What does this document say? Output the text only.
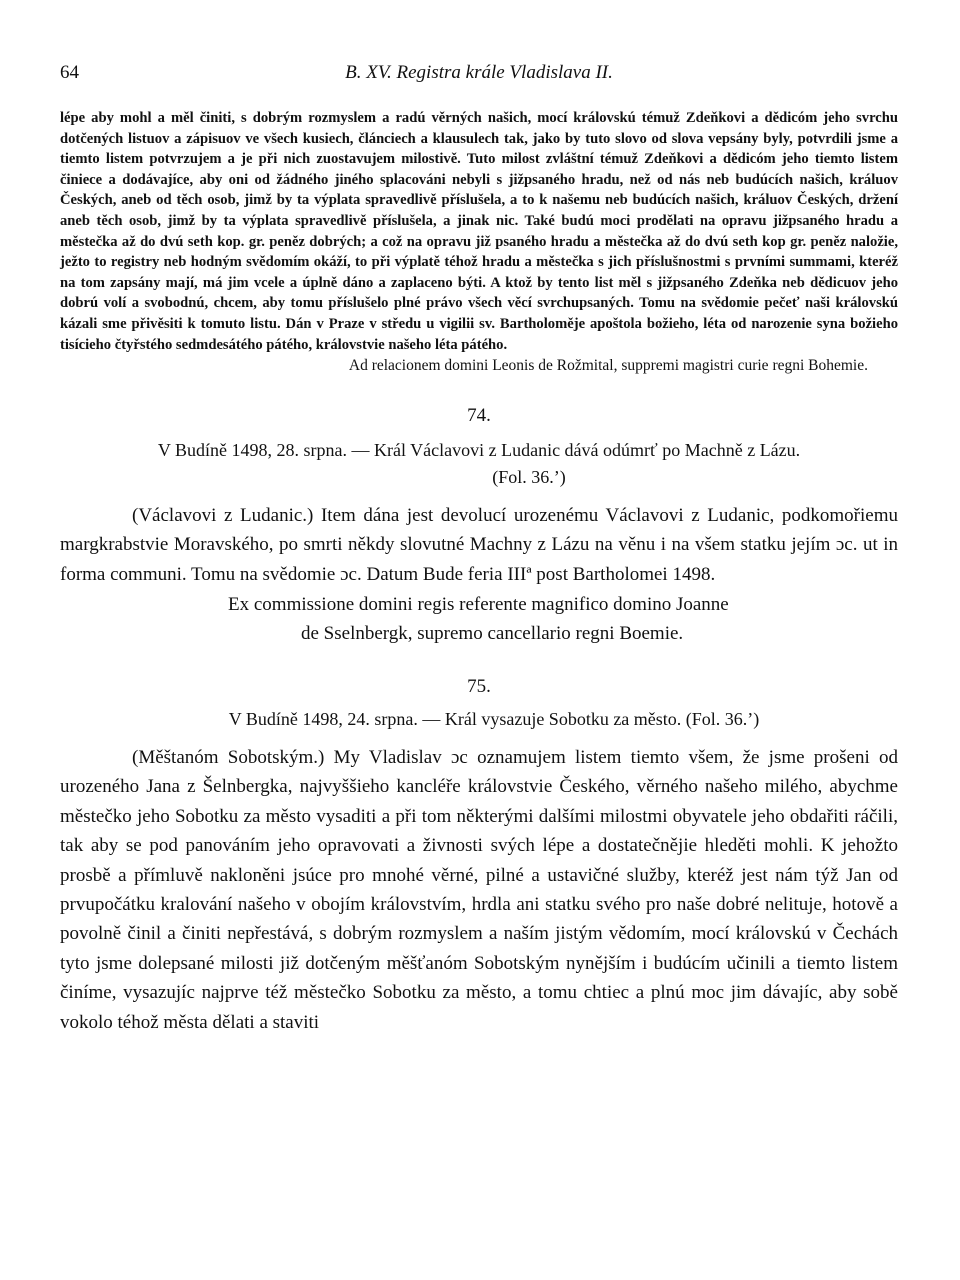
64	B. XV. Registra krále Vladislava II.

lépe aby mohl a měl činiti, s dobrým rozmyslem a radú věrných našich, mocí královskú témuž Zdeňkovi a dědicóm jeho svrchu dotčených listuov a zápisuov ve všech kusiech, článciech a klausulech tak, jako by tuto slovo od slova vepsány byly, potvrdili jsme a tiemto listem potvrzujem a je při nich zuostavujem milostivě. Tuto milost zvláštní témuž Zdeňkovi a dědicóm jeho tiemto listem činiece a dodávajíce, aby oni od žádného jiného splacováni nebyli s jižpsaného hradu, než od nás neb budúcích našich, králuov Českých, aneb od těch osob, jimž by ta výplata spravedlivě příslušela, a to k našemu neb budúcích našich, králuov Českých, držení aneb těch osob, jimž by ta výplata spravedlivě příslušela, a jinak nic. Také budú moci prodělati na opravu jižpsaného hradu a městečka až do dvú seth kop. gr. peněz dobrých; a což na opravu již psaného hradu a městečka až do dvú seth kop gr. peněz naložie, ježto to registry neb hodným svědomím okáží, to při výplatě téhož hradu a městečka s jich příslušnostmi s prvními summami, kteréž na tom zapsány mají, má jim vcele a úplně dáno a zaplaceno býti. A ktož by tento list měl s jižpsaného Zdeňka neb dědicuov jeho dobrú volí a svobodnú, chcem, aby tomu příslušelo plné právo všech věcí svrchupsaných. Tomu na svědomie pečeť naši královskú kázali sme přivěsiti k tomuto listu. Dán v Praze v středu u vigilii sv. Bartholoměje apoštola božieho, léta od narozenie syna božieho tisícieho čtyřstého sedmdesátého pátého, královstvie našeho léta pátého.

Ad relacionem domini Leonis de Rožmital, suppremi magistri curie regni Bohemie.

74.
V Budíně 1498, 28. srpna. — Král Václavovi z Ludanic dává odúmrť po Machně z Lázu.
(Fol. 36.’)

(Václavovi z Ludanic.) Item dána jest devolucí urozenému Václavovi z Ludanic, podkomořiemu margkrabstvie Moravského, po smrti někdy slovutné Machny z Lázu na věnu i na všem statku jejím ɔc. ut in forma communi. Tomu na svědomie ɔc. Datum Bude feria IIIª post Bartholomei 1498.

Ex commissione domini regis referente magnifico domino Joanne
de Sselnbergk, supremo cancellario regni Boemie.
75.
V Budíně 1498, 24. srpna. — Král vysazuje Sobotku za město. (Fol. 36.’)

(Měštanóm Sobotským.) My Vladislav ɔc oznamujem listem tiemto všem, že jsme prošeni od urozeného Jana z Šelnbergka, najvyššieho kancléře královstvie Českého, věrného našeho milého, abychme městečko jeho Sobotku za město vysaditi a při tom některými dalšími milostmi obyvatele jeho obdařiti ráčili, tak aby se pod panováním jeho opravovati a živnosti svých lépe a dostatečnějie hleděti mohli. K jehožto prosbě a přímluvě nakloněni jsúce pro mnohé věrné, pilné a ustavičné služby, kteréž jest nám týž Jan od prvupočátku kralování našeho v obojím královstvím, hrdla ani statku svého pro naše dobré nelituje, hotově a povolně činil a činiti nepřestává, s dobrým rozmyslem a naším jistým vědomím, mocí královskú v Čechách tyto jsme dolepsané milosti již dotčeným měšťanóm Sobotským nynějším i budúcím učinili a tiemto listem činíme, vysazujíc najprve též městečko Sobotku za město, a tomu chtiec a plnú moc jim dávajíc, aby sobě vokolo téhož města dělati a staviti
